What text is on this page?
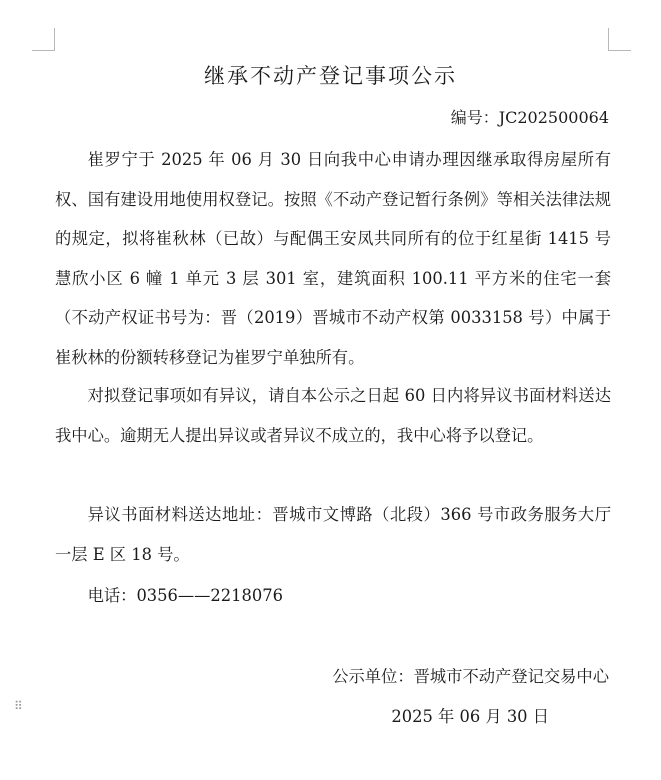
继承不动产登记事项公示
编号：JC202500064

崔罗宁于 2025 年 06 月 30 日向我中心申请办理因继承取得房屋所有权、国有建设用地使用权登记。按照《不动产登记暂行条例》等相关法律法规的规定，拟将崔秋林（已故）与配偶王安凤共同所有的位于红星街 1415 号慧欣小区 6 幢 1 单元 3 层 301 室，建筑面积 100.11 平方米的住宅一套（不动产权证书号为：晋（2019）晋城市不动产权第 0033158 号）中属于崔秋林的份额转移登记为崔罗宁单独所有。

对拟登记事项如有异议，请自本公示之日起 60 日内将异议书面材料送达我中心。逾期无人提出异议或者异议不成立的，我中心将予以登记。

异议书面材料送达地址：晋城市文博路（北段）366 号市政务服务大厅一层 E 区 18 号。

电话：0356——2218076

公示单位：晋城市不动产登记交易中心
2025 年 06 月 30 日
⠿
